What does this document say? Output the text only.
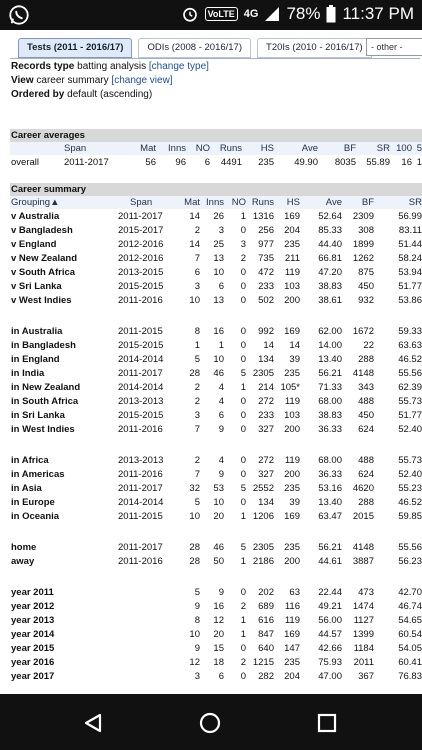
VoLTE 4G 78% 11:37 PM
Tests (2011 - 2016/17)	ODIs (2008 - 2016/17)	T20Is (2010 - 2016/17) - other -
Records type batting analysis [change type]
View career summary [change view]
Ordered by default (ascending)
Career averages											
	Span	Mat	Inns	NO	Runs	HS	Ave	BF	SR	100	5
overall	2011-2017	56	96	6	4491	235	49.90	8035	55.89	16	1
Career summary									
Grouping▲	Span	Mat	Inns	NO	Runs	HS	Ave	BF	SR
v Australia	2011-2017	14	26	1	1316	169	52.64	2309	56.99
v Bangladesh	2015-2017	2	3	0	256	204	85.33	308	83.11
v England	2012-2016	14	25	3	977	235	44.40	1899	51.44
v New Zealand	2012-2016	7	13	2	735	211	66.81	1262	58.24
v South Africa	2013-2015	6	10	0	472	119	47.20	875	53.94
v Sri Lanka	2015-2015	3	6	0	233	103	38.83	450	51.77
v West Indies	2011-2016	10	13	0	502	200	38.61	932	53.86

in Australia	2011-2015	8	16	0	992	169	62.00	1672	59.33
in Bangladesh	2015-2015	1	1	0	14	14	14.00	22	63.63
in England	2014-2014	5	10	0	134	39	13.40	288	46.52
in India	2011-2017	28	46	5	2305	235	56.21	4148	55.56
in New Zealand	2014-2014	2	4	1	214	105*	71.33	343	62.39
in South Africa	2013-2013	2	4	0	272	119	68.00	488	55.73
in Sri Lanka	2015-2015	3	6	0	233	103	38.83	450	51.77
in West Indies	2011-2016	7	9	0	327	200	36.33	624	52.40

in Africa	2013-2013	2	4	0	272	119	68.00	488	55.73
in Americas	2011-2016	7	9	0	327	200	36.33	624	52.40
in Asia	2011-2017	32	53	5	2552	235	53.16	4620	55.23
in Europe	2014-2014	5	10	0	134	39	13.40	288	46.52
in Oceania	2011-2015	10	20	1	1206	169	63.47	2015	59.85

home	2011-2017	28	46	5	2305	235	56.21	4148	55.56
away	2011-2016	28	50	1	2186	200	44.61	3887	56.23

year 2011		5	9	0	202	63	22.44	473	42.70
year 2012		9	16	2	689	116	49.21	1474	46.74
year 2013		8	12	1	616	119	56.00	1127	54.65
year 2014		10	20	1	847	169	44.57	1399	60.54
year 2015		9	15	0	640	147	42.66	1184	54.05
year 2016		12	18	2	1215	235	75.93	2011	60.41
year 2017		3	6	0	282	204	47.00	367	76.83
